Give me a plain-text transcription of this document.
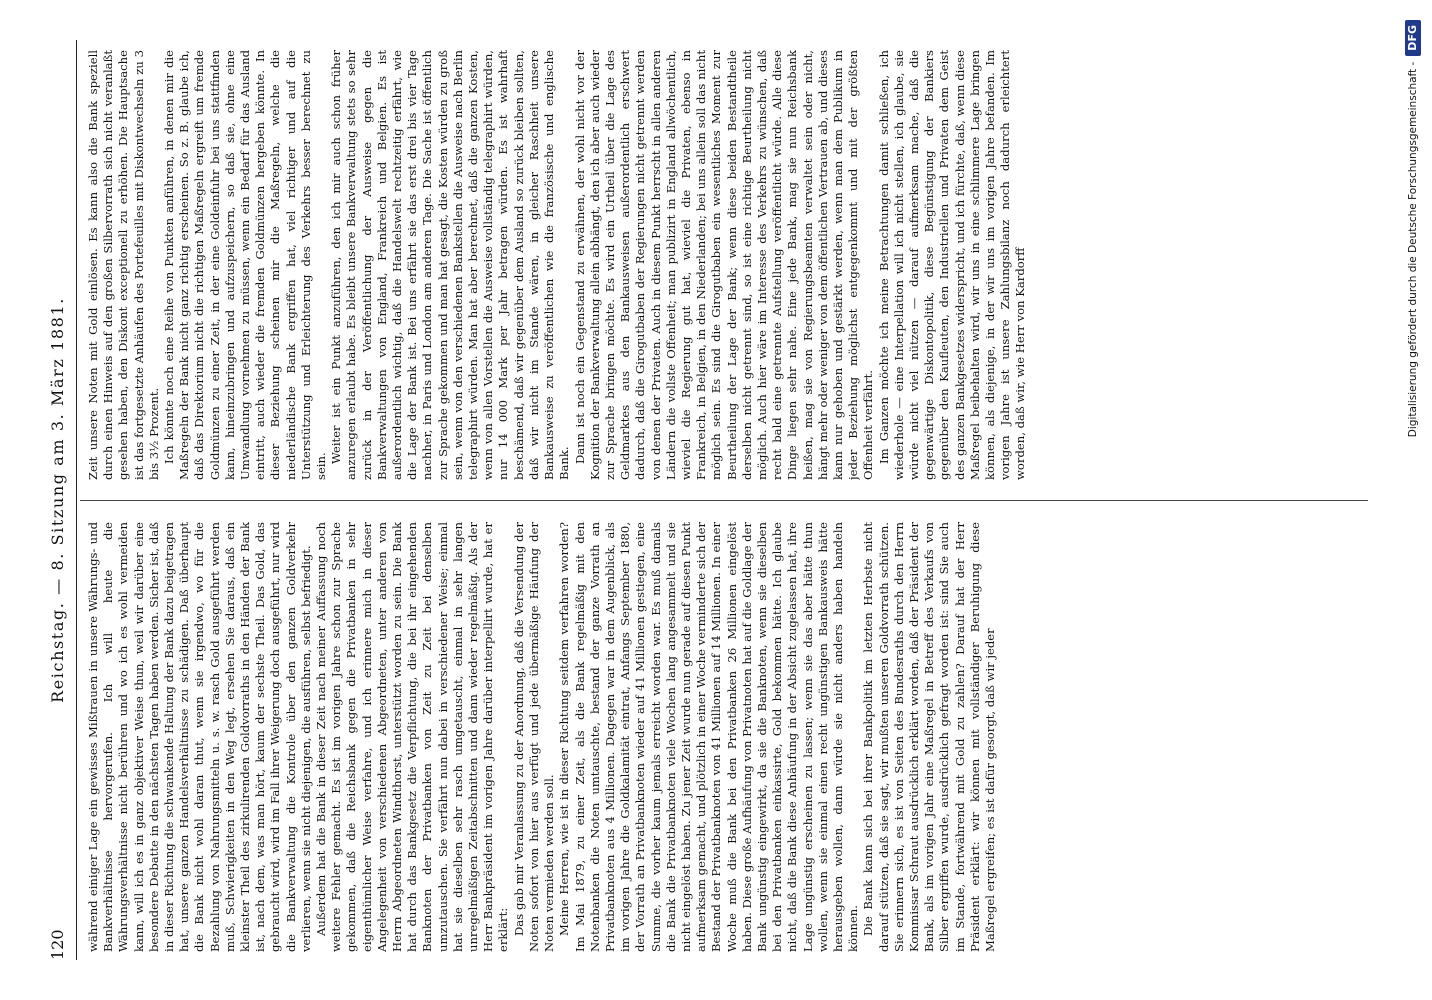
120
Reichstag. — 8. Sitzung am 3. März 1881.

während einiger Lage ein gewisses Mißtrauen in unsere Währungs- und Bankverhältnisse hervorgerufen. Ich will heute die Währungsverhältnisse nicht berühren und wo ich es wohl vermeiden kann, will ich es in ganz objektiver Weise thun, weil wir darüber eine besondere Debatte in den nächsten Tagen haben werden. Sicher ist, daß in dieser Richtung die schwankende Haltung der Bank dazu beigetragen hat, unsere ganzen Handelsverhältnisse zu schädigen. Daß überhaupt die Bank nicht wohl daran thut, wenn sie irgendwo, wo für die Bezahlung von Nahrungsmitteln u. s. w. rasch Gold ausgeführt werden muß, Schwierigkeiten in den Weg legt, ersehen Sie daraus, daß ein kleinster Theil des zirkulirenden Goldvorraths in den Händen der Bank ist, nach dem, was man hört, kaum der sechste Theil. Das Gold, das gebraucht wird, wird im Fall ihrer Weigerung doch ausgeführt, nur wird die Bankverwaltung die Kontrole über den ganzen Goldverkehr verlieren, wenn sie nicht diejenigen, die ausführen, selbst befriedigt. Außerdem hat die Bank in dieser Zeit nach meiner Auffassung noch weitere Fehler gemacht. Es ist im vorigen Jahre schon zur Sprache gekommen, daß die Reichsbank gegen die Privatbanken in sehr eigenthümlicher Weise verfahre, und ich erinnere mich in dieser Angelegenheit von verschiedenen Abgeordneten, unter anderen von Herrn Abgeordneten Windthorst, unterstützt worden zu sein. Die Bank hat durch das Bankgesetz die Verpflichtung, die bei ihr eingehenden Banknoten der Privatbanken von Zeit zu Zeit bei denselben umzutauschen. Sie verfährt nun dabei in verschiedener Weise; einmal hat sie dieselben sehr rasch umgetauscht, einmal in sehr langen unregelmäßigen Zeitabschnitten und dann wieder regelmäßig. Als der Herr Bankpräsident im vorigen Jahre darüber interpellirt wurde, hat er erklärt: Das gab mir Veranlassung zu der Anordnung, daß die Versendung der Noten sofort von hier aus verfügt und jede übermäßige Häufung der Noten vermieden werden soll. Meine Herren, wie ist in dieser Richtung seitdem verfahren worden? Im Mai 1879, zu einer Zeit, als die Bank regelmäßig mit den Notenbanken die Noten umtauschte, bestand der ganze Vorrath an Privatbanknoten aus 4 Millionen. Dagegen war in dem Augenblick, als im vorigen Jahre die Goldkalamität eintrat, Anfangs September 1880, der Vorrath an Privatbanknoten wieder auf 41 Millionen gestiegen, eine Summe, die vorher kaum jemals erreicht worden war. Es muß damals die Bank die Privatbanknoten viele Wochen lang angesammelt und sie nicht eingelöst haben. Zu jener Zeit wurde nun gerade auf diesen Punkt aufmerksam gemacht, und plötzlich in einer Woche verminderte sich der Bestand der Privatbanknoten von 41 Millionen auf 14 Millionen. In einer Woche muß die Bank bei den Privatbanken 26 Millionen eingelöst haben. Diese große Aufhäufung von Privatnoten hat auf die Goldlage der Bank ungünstig eingewirkt, da sie die Banknoten, wenn sie dieselben bei den Privatbanken einkassirte, Gold bekommen hätte. Ich glaube nicht, daß die Bank diese Anhäufung in der Absicht zugelassen hat, ihre Lage ungünstig erscheinen zu lassen; wenn sie das aber hätte thun wollen, wenn sie einmal einen recht ungünstigen Bankausweis hätte herausgeben wollen, dann würde sie nicht anders haben handeln können. Die Bank kann sich bei ihrer Bankpolitik im letzten Herbste nicht darauf stützen, daß sie sagt, wir mußten unseren Goldvorrath schützen. Sie erinnern sich, es ist von Seiten des Bundesraths durch den Herrn Kommissar Schraut ausdrücklich erklärt worden, daß der Präsident der Bank, als im vorigen Jahr eine Maßregel in Betreff des Verkaufs von Silber ergriffen wurde, ausdrücklich gefragt worden ist: sind Sie auch im Stande, fortwährend mit Gold zu zahlen? Darauf hat der Herr Präsident erklärt: wir können mit vollständiger Beruhigung diese Maßregel ergreifen; es ist dafür gesorgt, daß wir jeder

Zeit unsere Noten mit Gold einlösen. Es kann also die Bank speziell durch einen Hinweis auf den großen Silbervorrath sich nicht veranlaßt gesehen haben, den Diskont exceptionell zu erhöhen. Die Hauptsache ist das fortgesetzte Anhäufen des Portefeuilles mit Diskontwechseln zu 3 bis 3½ Prozent. Ich könnte noch eine Reihe von Punkten anführen, in denen mir die Maßregeln der Bank nicht ganz richtig erscheinen. So z. B. glaube ich, daß das Direktorium nicht die richtigen Maßregeln ergreift um fremde Goldmünzen zu einer Zeit, in der eine Goldeinfuhr bei uns stattfinden kann, hineinzubringen und aufzuspeichern, so daß sie, ohne eine Umwandlung vornehmen zu müssen, wenn ein Bedarf für das Ausland eintritt, auch wieder die fremden Goldmünzen hergeben könnte. In dieser Beziehung scheinen mir die Maßregeln, welche die niederländische Bank ergriffen hat, viel richtiger und auf die Unterstützung und Erleichterung des Verkehrs besser berechnet zu sein.

Weiter ist ein Punkt anzuführen, den ich mir auch schon früher anzuregen erlaubt habe. Es bleibt unsere Bankverwaltung stets so sehr zurück in der Veröffentlichung der Ausweise gegen die Bankverwaltungen von England, Frankreich und Belgien. Es ist außerordentlich wichtig, daß die Handelswelt rechtzeitig erfährt, wie die Lage der Bank ist. Bei uns erfährt sie das erst drei bis vier Tage nachher, in Paris und London am anderen Tage. Die Sache ist öffentlich zur Sprache gekommen und man hat gesagt, die Kosten würden zu groß sein, wenn von den verschiedenen Bankstellen die Ausweise nach Berlin telegraphirt würden. Man hat aber berechnet, daß die ganzen Kosten, wenn von allen Vorstellen die Ausweise vollständig telegraphirt würden, nur 14 000 Mark per Jahr betragen würden. Es ist wahrhaft beschämend, daß wir gegenüber dem Ausland so zurück bleiben sollten, daß wir nicht im Stande wären, in gleicher Raschheit unsere Bankausweise zu veröffentlichen wie die französische und englische Bank. Dann ist noch ein Gegenstand zu erwähnen, der wohl nicht vor der Kognition der Bankverwaltung allein abhängt, den ich aber auch wieder zur Sprache bringen möchte. Es wird ein Urtheil über die Lage des Geldmarktes aus den Bankausweisen außerordentlich erschwert dadurch, daß die Girogutbaben der Regierungen nicht getrennt werden von denen der Privaten. Auch in diesem Punkt herrscht in allen anderen Ländern die vollste Offenheit; man publizirt in England allwöchentlich, wieviel die Regierung gut hat, wieviel die Privaten, ebenso in Frankreich, in Belgien, in den Niederlanden; bei uns allein soll das nicht möglich sein. Es sind die Girogutbaben ein wesentliches Moment zur Beurtheilung der Lage der Bank; wenn diese beiden Bestandtheile derselben nicht getrennt sind, so ist eine richtige Beurtheilung nicht möglich. Auch hier wäre im Interesse des Verkehrs zu wünschen, daß recht bald eine getrennte Aufstellung veröffentlicht würde. Alle diese Dinge liegen sehr nahe. Eine jede Bank, mag sie nun Reichsbank heißen, mag sie von Regierungsbeamten verwaltet sein oder nicht, hängt mehr oder weniger von dem öffentlichen Vertrauen ab, und dieses kann nur gehoben und gestärkt werden, wenn man dem Publikum in jeder Beziehung möglichst entgegenkommt und mit der größten Offenheit verfährt. Im Ganzen möchte ich meine Betrachtungen damit schließen, ich wiederhole — eine Interpellation will ich nicht stellen, ich glaube, sie würde nicht viel nützen — darauf aufmerksam mache, daß die gegenwärtige Diskontopolitik, diese Begünstigung der Bankiers gegenüber den Kaufleuten, den Industriellen und Privaten dem Geist des ganzen Bankgesetzes widerspricht, und ich fürchte, daß, wenn diese Maßregel beibehalten wird, wir uns in eine schlimmere Lage bringen können, als diejenige, in der wir uns im vorigen Jahre befanden. Im vorigen Jahre ist unsere Zahlungsbilanz noch dadurch erleichtert worden, daß wir, wie Herr von Kardorff	Digitalisierung gefördert durch die Deutsche Forschungsgemeinschaft -DFG
